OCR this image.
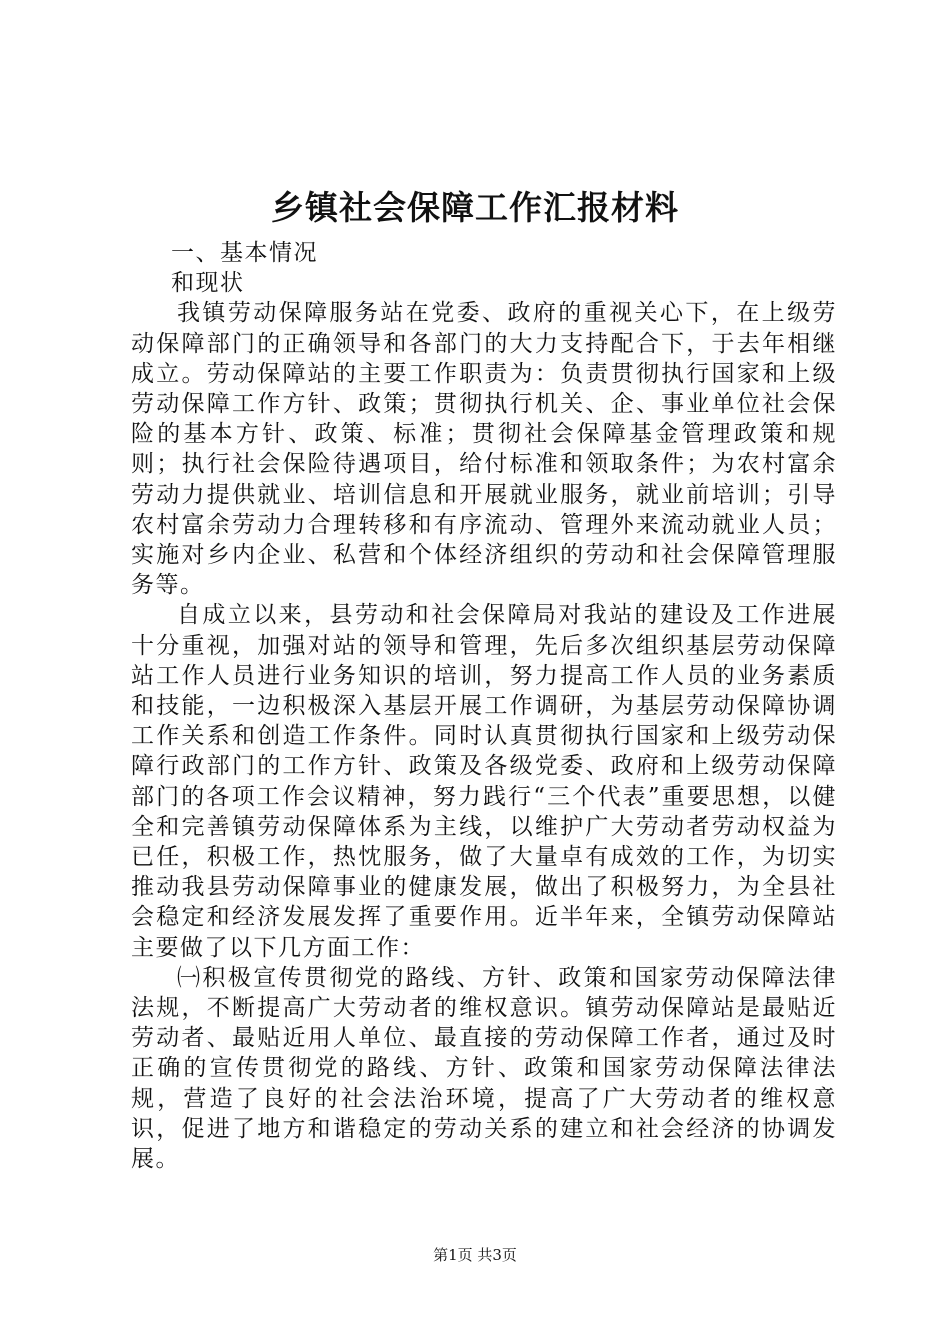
乡镇社会保障工作汇报材料
一、基本情况
和现状

我镇劳动保障服务站在党委、政府的重视关心下，在上级劳动保障部门的正确领导和各部门的大力支持配合下，于去年相继成立。劳动保障站的主要工作职责为：负责贯彻执行国家和上级劳动保障工作方针、政策；贯彻执行机关、企、事业单位社会保险的基本方针、政策、标准；贯彻社会保障基金管理政策和规则；执行社会保险待遇项目，给付标准和领取条件；为农村富余劳动力提供就业、培训信息和开展就业服务，就业前培训；引导农村富余劳动力合理转移和有序流动、管理外来流动就业人员；实施对乡内企业、私营和个体经济组织的劳动和社会保障管理服务等。

自成立以来，县劳动和社会保障局对我站的建设及工作进展十分重视，加强对站的领导和管理，先后多次组织基层劳动保障站工作人员进行业务知识的培训，努力提高工作人员的业务素质和技能，一边积极深入基层开展工作调研，为基层劳动保障协调工作关系和创造工作条件。同时认真贯彻执行国家和上级劳动保障行政部门的工作方针、政策及各级党委、政府和上级劳动保障部门的各项工作会议精神，努力践行“三个代表”重要思想，以健全和完善镇劳动保障体系为主线，以维护广大劳动者劳动权益为已任，积极工作，热忱服务，做了大量卓有成效的工作，为切实推动我县劳动保障事业的健康发展，做出了积极努力，为全县社会稳定和经济发展发挥了重要作用。近半年来，全镇劳动保障站主要做了以下几方面工作：

㈠积极宣传贯彻党的路线、方针、政策和国家劳动保障法律法规，不断提高广大劳动者的维权意识。镇劳动保障站是最贴近劳动者、最贴近用人单位、最直接的劳动保障工作者，通过及时正确的宣传贯彻党的路线、方针、政策和国家劳动保障法律法规，营造了良好的社会法治环境，提高了广大劳动者的维权意识，促进了地方和谐稳定的劳动关系的建立和社会经济的协调发展。

第1页 共3页
